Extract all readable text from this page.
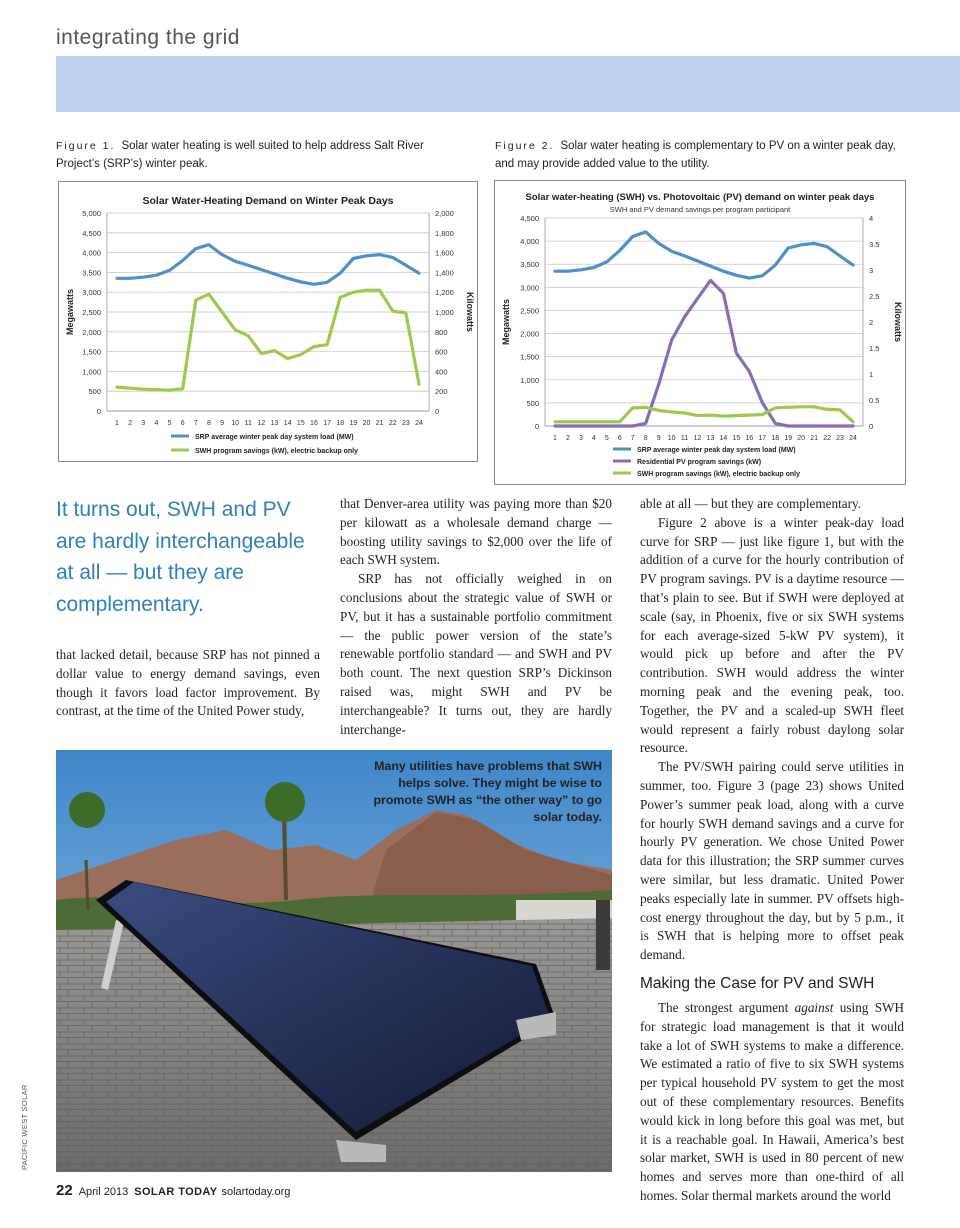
integrating the grid
Figure 1. Solar water heating is well suited to help address Salt River Project’s (SRP’s) winter peak.
Figure 2. Solar water heating is complementary to PV on a winter peak day, and may provide added value to the utility.
Solar Water-Heating Demand on Winter Peak Days
0
500
1,000
1,500
2,000
2,500
3,000
3,500
4,000
4,500
5,000
0
200
400
600
800
1,000
1,200
1,400
1,600
1,800
2,000
Megawatts	Kilowatts
1 2 3 4 5 6 7 8 9 10 11 12 13 14 15 16 17 18 19 20 21 22 23 24
SRP average winter peak day system load (MW)
SWH program savings (kW), electric backup only
Solar water-heating (SWH) vs. Photovoltaic (PV) demand on winter peak days
SWH and PV demand savings per program participant
0
500
1,000
1,500
2,000
2,500
3,000
3,500
4,000
4,500
0
0.5
1
1.5
2
2.5
3
3.5
4
Megawatts	Kilowatts
1 2 3 4 5 6 7 8 9 10 11 12 13 14 15 16 17 18 19 20 21 22 23 24
SRP average winter peak day system load (MW)
Residential PV program savings (kW)
SWH program savings (kW), electric backup only
It turns out, SWH and PV are hardly interchangeable at all — but they are complementary.

that lacked detail, because SRP has not pinned a dollar value to energy demand savings, even though it favors load factor improvement. By contrast, at the time of the United Power study,

that Denver-area utility was paying more than $20 per kilowatt as a wholesale demand charge — boosting utility savings to $2,000 over the life of each SWH system.

SRP has not officially weighed in on conclusions about the strategic value of SWH or PV, but it has a sustainable portfolio commitment — the public power version of the state’s renewable portfolio standard — and SWH and PV both count. The next question SRP’s Dickinson raised was, might SWH and PV be interchangeable? It turns out, they are hardly interchange-

able at all — but they are complementary.

Figure 2 above is a winter peak-day load curve for SRP — just like figure 1, but with the addition of a curve for the hourly contribution of PV program savings. PV is a daytime resource — that’s plain to see. But if SWH were deployed at scale (say, in Phoenix, five or six SWH systems for each average-sized 5-kW PV system), it would pick up before and after the PV contribution. SWH would address the winter morning peak and the evening peak, too. Together, the PV and a scaled-up SWH fleet would represent a fairly robust daylong solar resource.

The PV/SWH pairing could serve utilities in summer, too. Figure 3 (page 23) shows United Power’s summer peak load, along with a curve for hourly SWH demand savings and a curve for hourly PV generation. We chose United Power data for this illustration; the SRP summer curves were similar, but less dramatic. United Power peaks especially late in summer. PV offsets high-cost energy throughout the day, but by 5 p.m., it is SWH that is helping more to offset peak demand.

Making the Case for PV and SWH

The strongest argument against using SWH for strategic load management is that it would take a lot of SWH systems to make a difference. We estimated a ratio of five to six SWH systems per typical household PV system to get the most out of these complementary resources. Benefits would kick in long before this goal was met, but it is a reachable goal. In Hawaii, America’s best solar market, SWH is used in 80 percent of new homes and serves more than one-third of all homes. Solar thermal markets around the world

Many utilities have problems that SWH helps solve. They might be wise to promote SWH as “the other way” to go solar today.
PACIFIC WEST SOLAR
22 April 2013 SOLAR TODAY solartoday.org
